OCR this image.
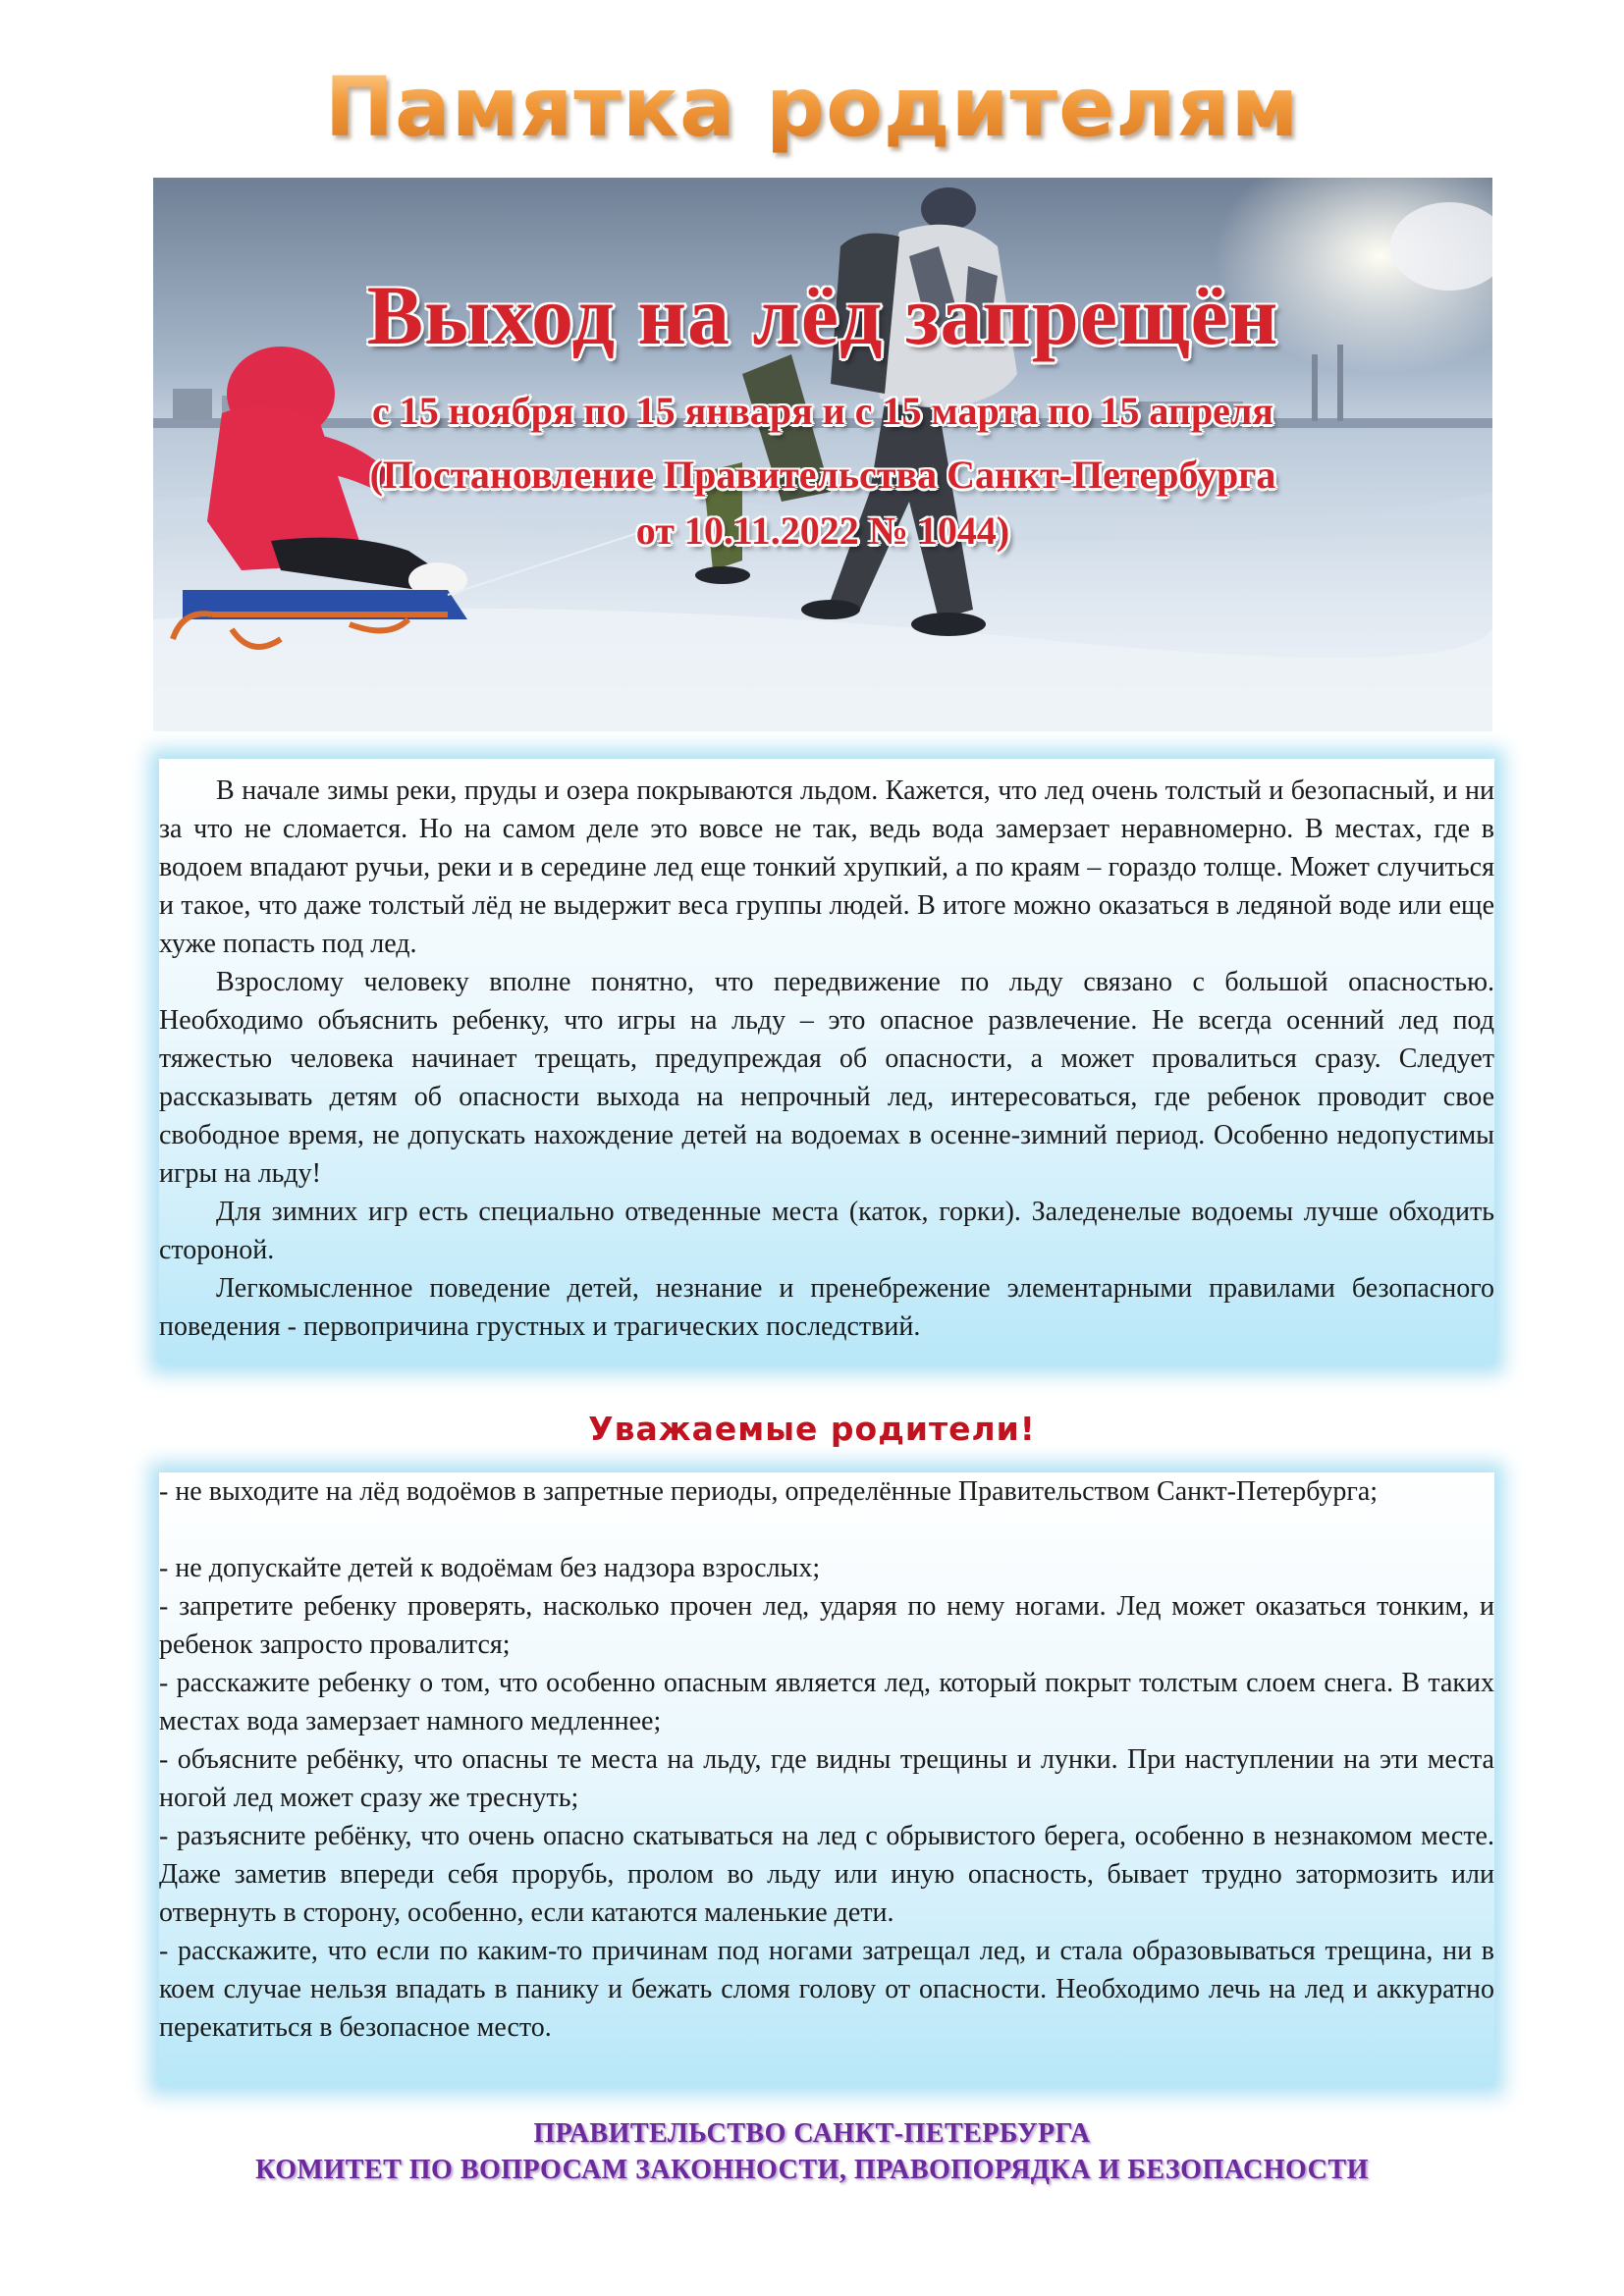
Памятка родителям
Выход на лёд запрещён
с 15 ноября по 15 января и с 15 марта по 15 апреля
(Постановление Правительства Санкт-Петербурга
от 10.11.2022 № 1044)

В начале зимы реки, пруды и озера покрываются льдом. Кажется, что лед очень толстый и безопасный, и ни за что не сломается. Но на самом деле это вовсе не так, ведь вода замерзает неравномерно. В местах, где в водоем впадают ручьи, реки и в середине лед еще тонкий хрупкий, а по краям – гораздо толще. Может случиться и такое, что даже толстый лёд не выдержит веса группы людей. В итоге можно оказаться в ледяной воде или еще хуже попасть под лед.

Взрослому человеку вполне понятно, что передвижение по льду связано с большой опасностью. Необходимо объяснить ребенку, что игры на льду – это опасное развлечение. Не всегда осенний лед под тяжестью человека начинает трещать, предупреждая об опасности, а может провалиться сразу. Следует рассказывать детям об опасности выхода на непрочный лед, интересоваться, где ребенок проводит свое свободное время, не допускать нахождение детей на водоемах в осенне-зимний период. Особенно недопустимы игры на льду!

Для зимних игр есть специально отведенные места (каток, горки). Заледенелые водоемы лучше обходить стороной.

Легкомысленное поведение детей, незнание и пренебрежение элементарными правилами безопасного поведения - первопричина грустных и трагических последствий.

Уважаемые родители!

- не выходите на лёд водоёмов в запретные периоды, определённые Правительством Санкт-Петербурга;

- не допускайте детей к водоёмам без надзора взрослых;

- запретите ребенку проверять, насколько прочен лед, ударяя по нему ногами. Лед может оказаться тонким, и ребенок запросто провалится;

- расскажите ребенку о том, что особенно опасным является лед, который покрыт толстым слоем снега. В таких местах вода замерзает намного медленнее;

- объясните ребёнку, что опасны те места на льду, где видны трещины и лунки. При наступлении на эти места ногой лед может сразу же треснуть;

- разъясните ребёнку, что очень опасно скатываться на лед с обрывистого берега, особенно в незнакомом месте. Даже заметив впереди себя прорубь, пролом во льду или иную опасность, бывает трудно затормозить или отвернуть в сторону, особенно, если катаются маленькие дети.

- расскажите, что если по каким-то причинам под ногами затрещал лед, и стала образовываться трещина, ни в коем случае нельзя впадать в панику и бежать сломя голову от опасности. Необходимо лечь на лед и аккуратно перекатиться в безопасное место.

ПРАВИТЕЛЬСТВО САНКТ-ПЕТЕРБУРГА
КОМИТЕТ ПО ВОПРОСАМ ЗАКОННОСТИ, ПРАВОПОРЯДКА И БЕЗОПАСНОСТИ
